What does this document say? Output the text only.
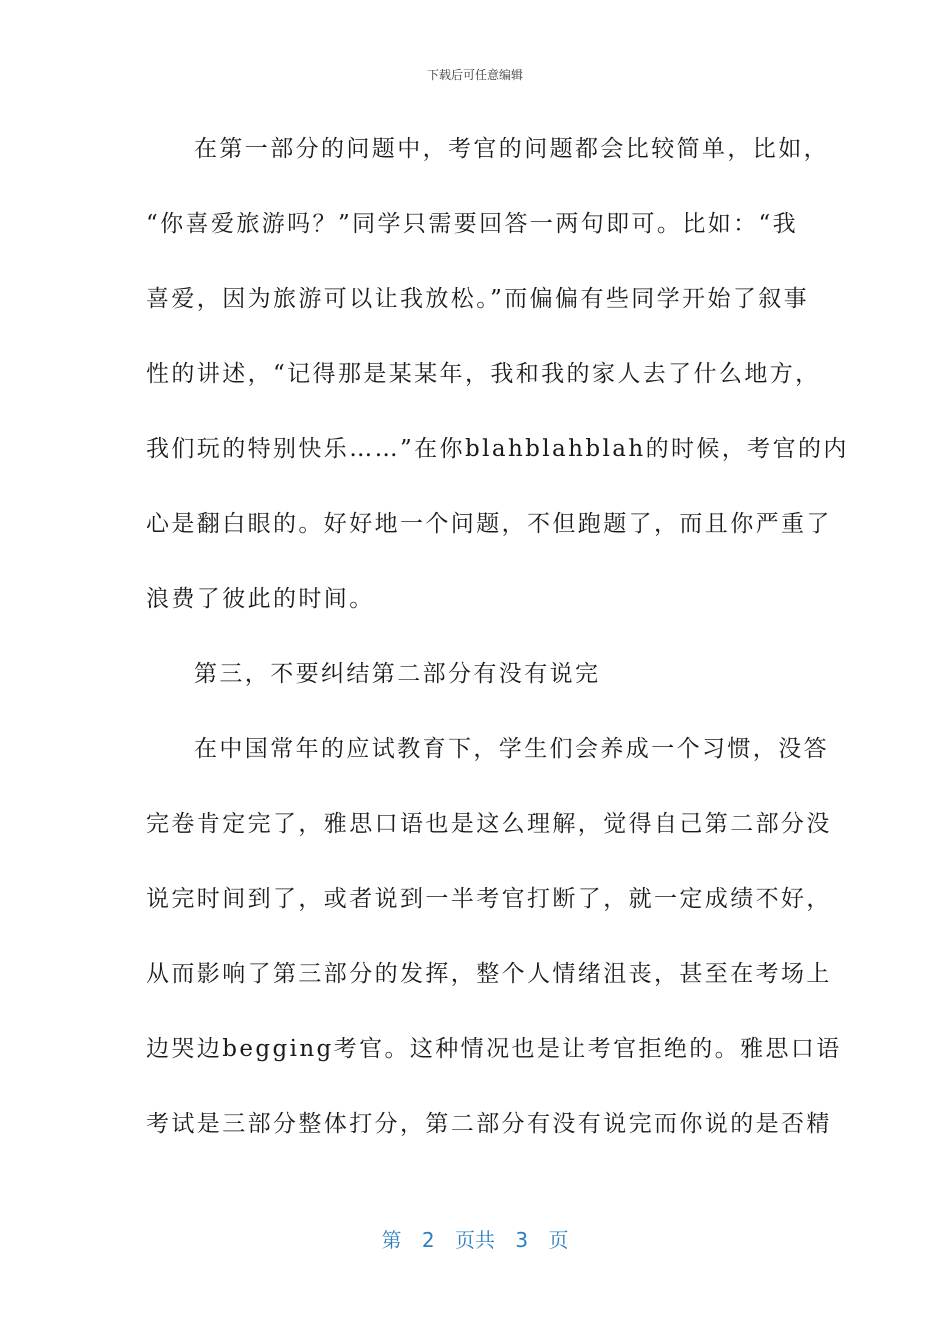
下载后可任意编辑
在第一部分的问题中，考官的问题都会比较简单，比如，
“你喜爱旅游吗？”同学只需要回答一两句即可。比如：“我
喜爱，因为旅游可以让我放松。”而偏偏有些同学开始了叙事
性的讲述，“记得那是某某年，我和我的家人去了什么地方，
我们玩的特别快乐……”在你blahblahblah的时候，考官的内
心是翻白眼的。好好地一个问题，不但跑题了，而且你严重了
浪费了彼此的时间。
第三，不要纠结第二部分有没有说完
在中国常年的应试教育下，学生们会养成一个习惯，没答
完卷肯定完了，雅思口语也是这么理解，觉得自己第二部分没
说完时间到了，或者说到一半考官打断了，就一定成绩不好，
从而影响了第三部分的发挥，整个人情绪沮丧，甚至在考场上
边哭边begging考官。这种情况也是让考官拒绝的。雅思口语
考试是三部分整体打分，第二部分有没有说完而你说的是否精
第 2 页共 3 页
